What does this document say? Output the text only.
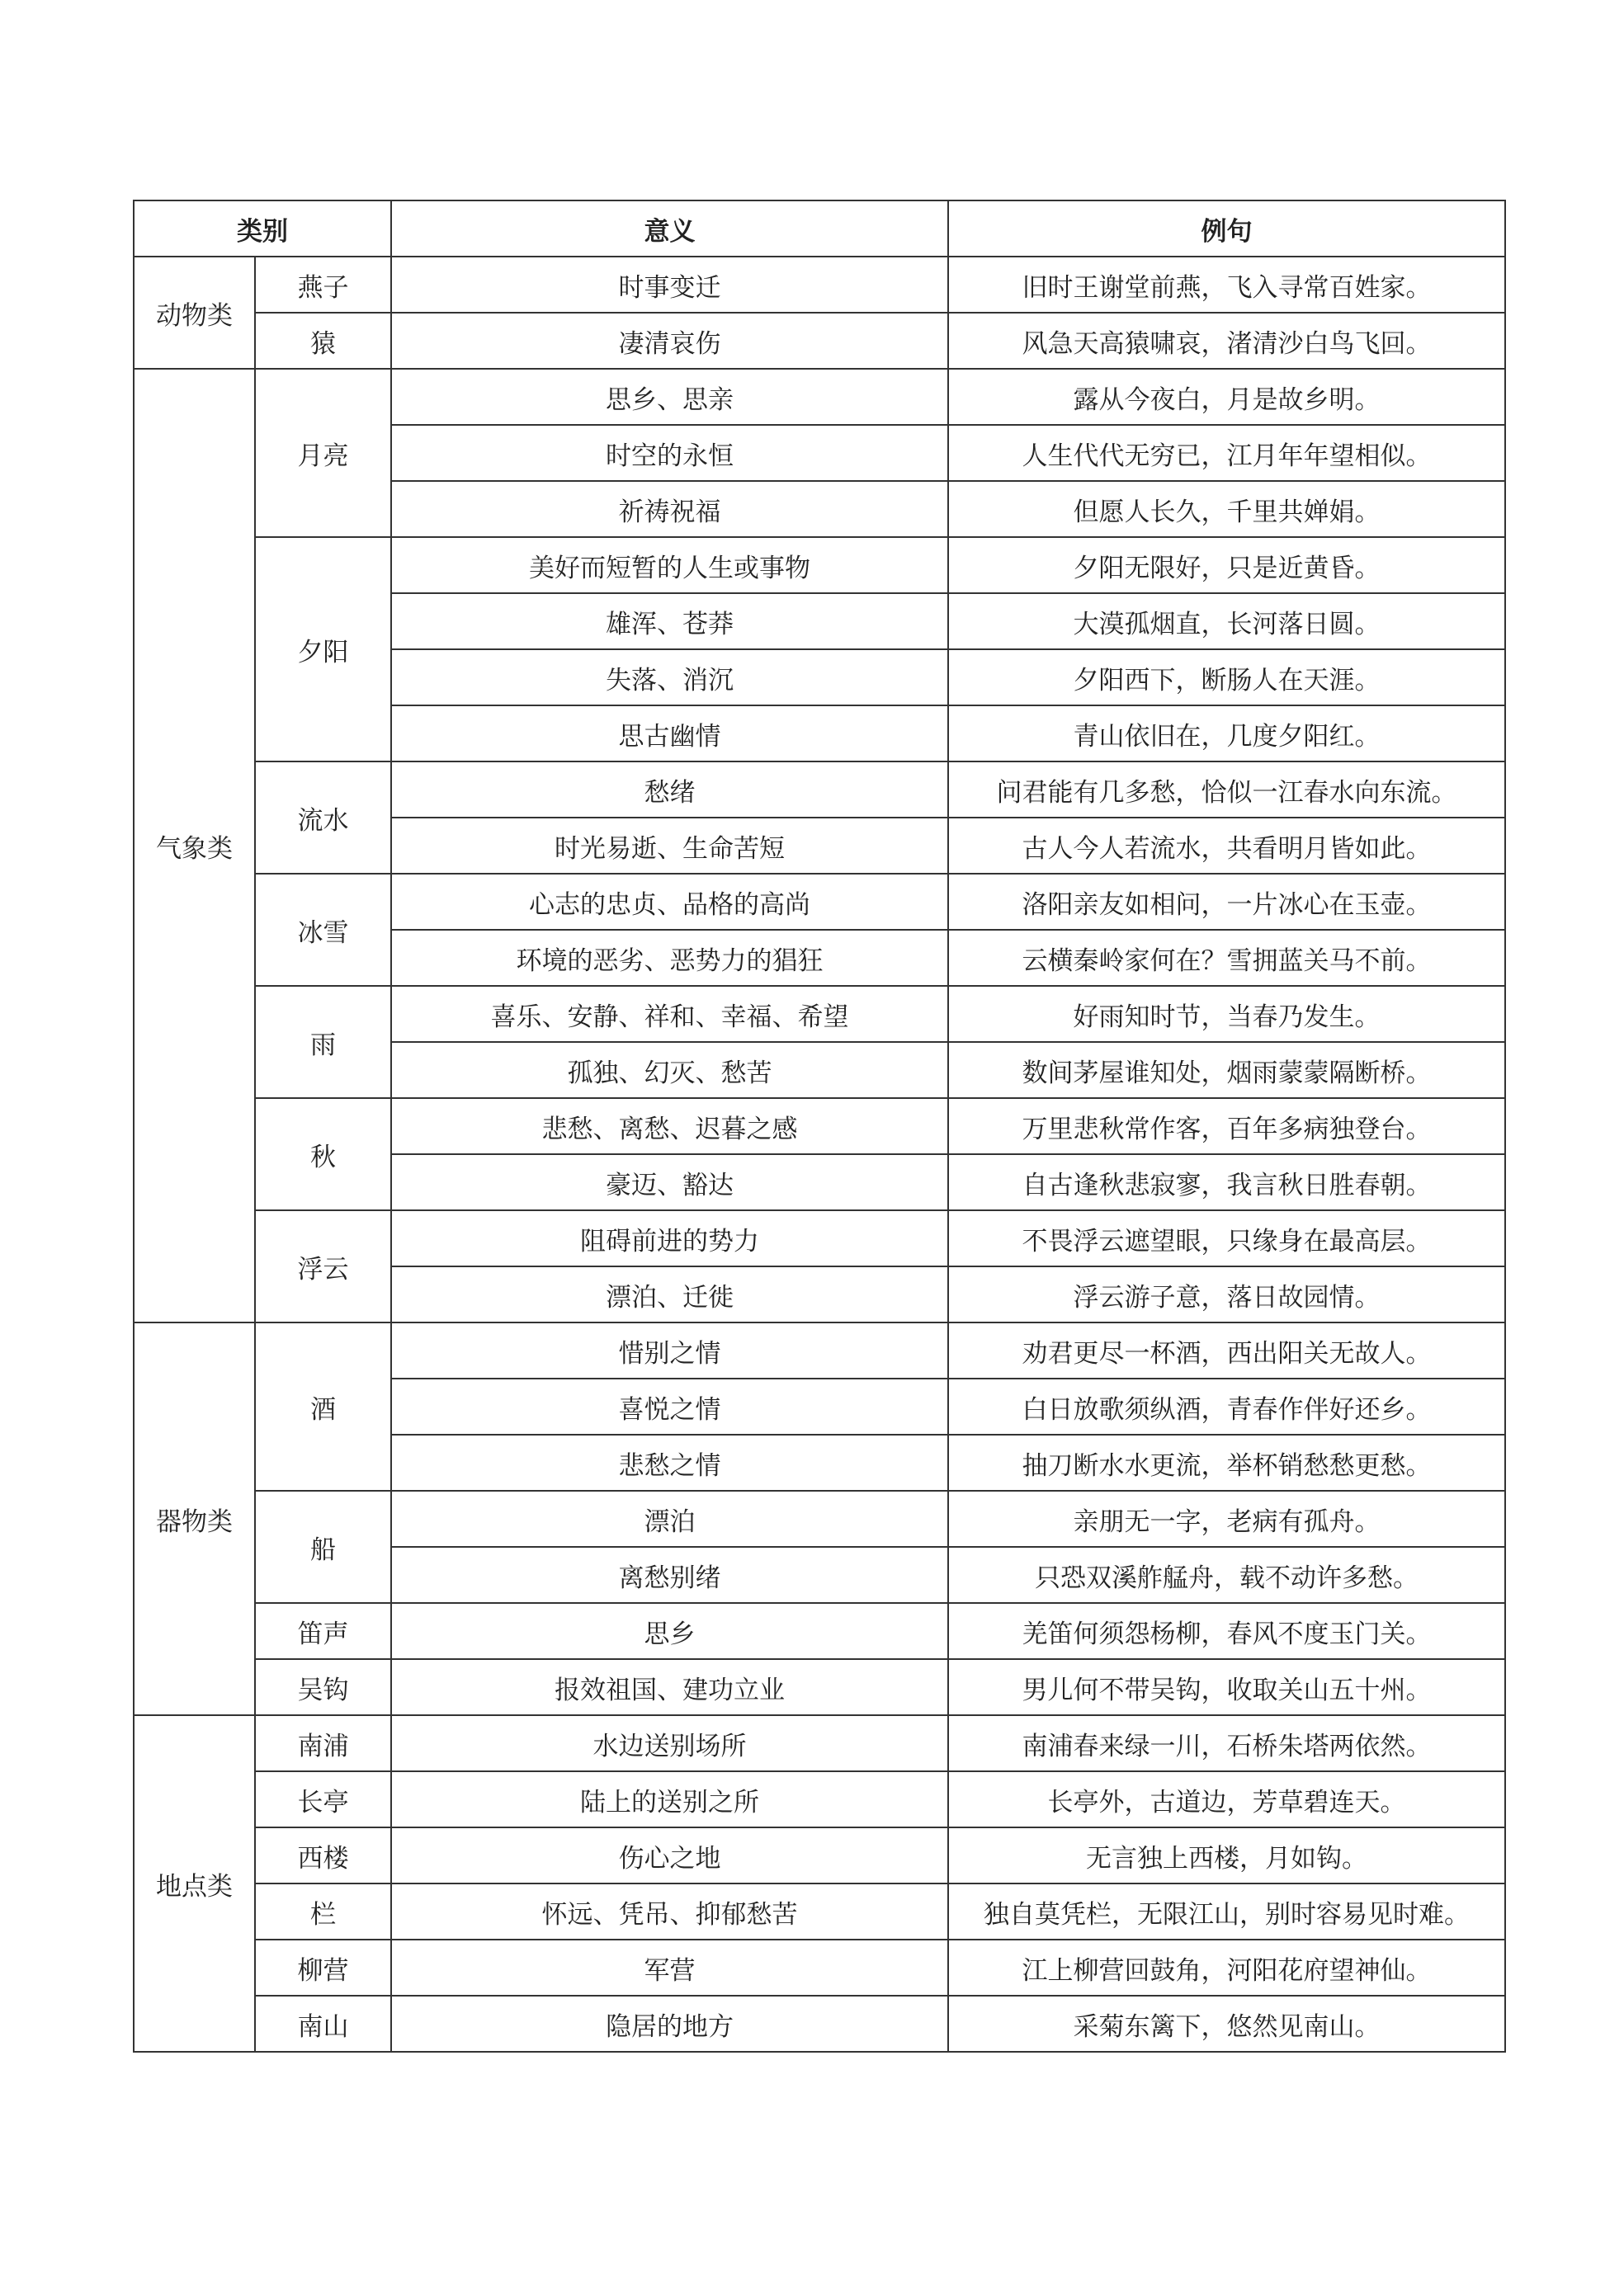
类别		意义	例句
动物类	燕子	时事变迁	旧时王谢堂前燕，飞入寻常百姓家。
	猿	凄清哀伤	风急天高猿啸哀，渚清沙白鸟飞回。
气象类	月亮	思乡、思亲	露从今夜白，月是故乡明。
		时空的永恒	人生代代无穷已，江月年年望相似。
		祈祷祝福	但愿人长久，千里共婵娟。
	夕阳	美好而短暂的人生或事物	夕阳无限好，只是近黄昏。
		雄浑、苍莽	大漠孤烟直，长河落日圆。
		失落、消沉	夕阳西下，断肠人在天涯。
		思古幽情	青山依旧在，几度夕阳红。
	流水	愁绪	问君能有几多愁，恰似一江春水向东流。
		时光易逝、生命苦短	古人今人若流水，共看明月皆如此。
	冰雪	心志的忠贞、品格的高尚	洛阳亲友如相问，一片冰心在玉壶。
		环境的恶劣、恶势力的猖狂	云横秦岭家何在？雪拥蓝关马不前。
	雨	喜乐、安静、祥和、幸福、希望	好雨知时节，当春乃发生。
		孤独、幻灭、愁苦	数间茅屋谁知处，烟雨蒙蒙隔断桥。
	秋	悲愁、离愁、迟暮之感	万里悲秋常作客，百年多病独登台。
		豪迈、豁达	自古逢秋悲寂寥，我言秋日胜春朝。
	浮云	阻碍前进的势力	不畏浮云遮望眼，只缘身在最高层。
		漂泊、迁徙	浮云游子意，落日故园情。
器物类	酒	惜别之情	劝君更尽一杯酒，西出阳关无故人。
		喜悦之情	白日放歌须纵酒，青春作伴好还乡。
		悲愁之情	抽刀断水水更流，举杯销愁愁更愁。
	船	漂泊	亲朋无一字，老病有孤舟。
		离愁别绪	只恐双溪舴艋舟，载不动许多愁。
	笛声	思乡	羌笛何须怨杨柳，春风不度玉门关。
	吴钩	报效祖国、建功立业	男儿何不带吴钩，收取关山五十州。
地点类	南浦	水边送别场所	南浦春来绿一川，石桥朱塔两依然。
	长亭	陆上的送别之所	长亭外，古道边，芳草碧连天。
	西楼	伤心之地	无言独上西楼，月如钩。
	栏	怀远、凭吊、抑郁愁苦	独自莫凭栏，无限江山，别时容易见时难。
	柳营	军营	江上柳营回鼓角，河阳花府望神仙。
	南山	隐居的地方	采菊东篱下，悠然见南山。
